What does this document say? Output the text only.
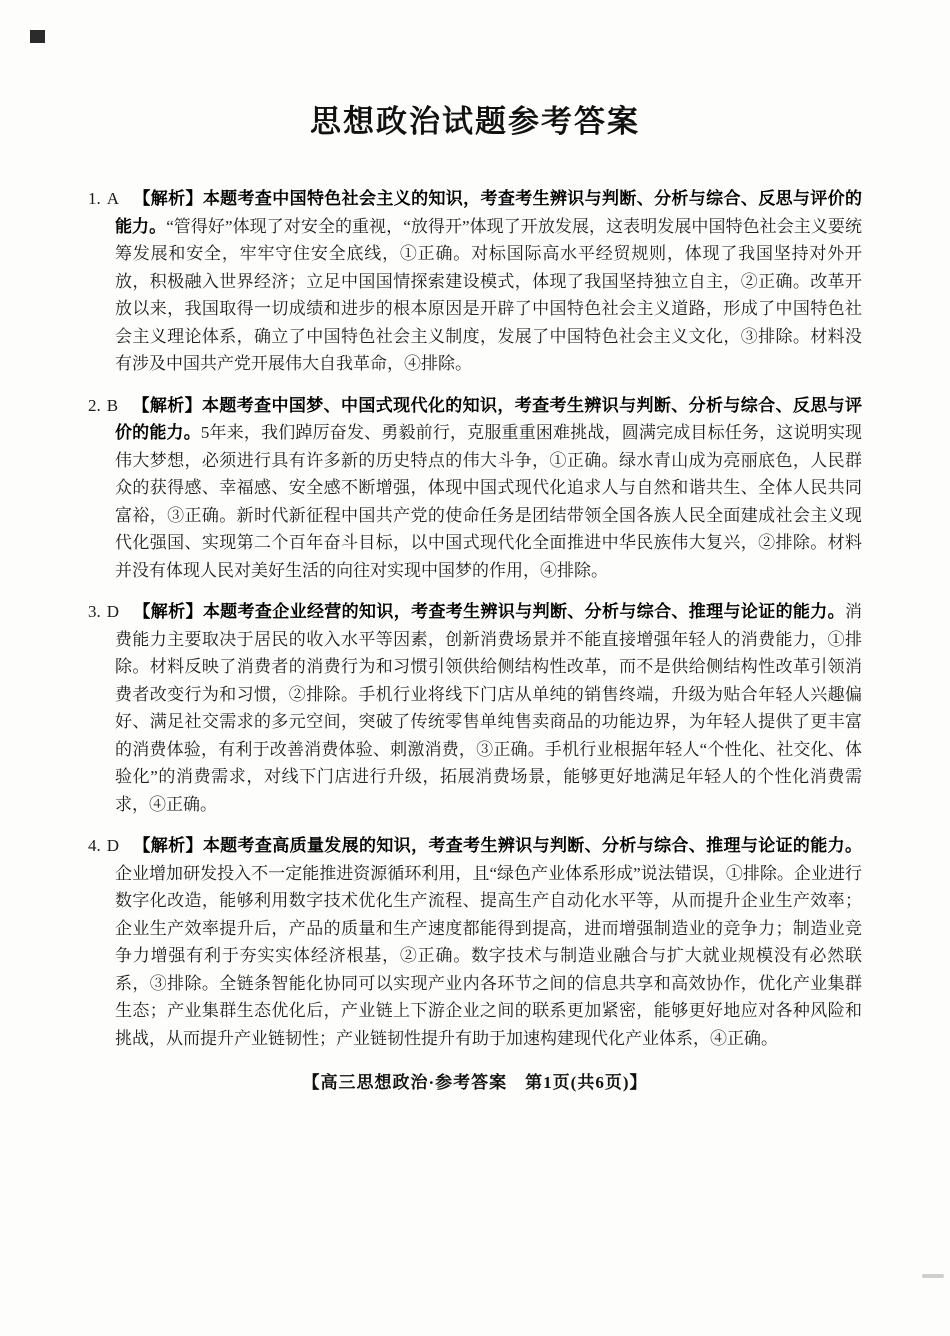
思想政治试题参考答案

1. A 【解析】本题考查中国特色社会主义的知识，考查考生辨识与判断、分析与综合、反思与评价的能力。“管得好”体现了对安全的重视，“放得开”体现了开放发展，这表明发展中国特色社会主义要统筹发展和安全，牢牢守住安全底线，①正确。对标国际高水平经贸规则，体现了我国坚持对外开放，积极融入世界经济；立足中国国情探索建设模式，体现了我国坚持独立自主，②正确。改革开放以来，我国取得一切成绩和进步的根本原因是开辟了中国特色社会主义道路，形成了中国特色社会主义理论体系，确立了中国特色社会主义制度，发展了中国特色社会主义文化，③排除。材料没有涉及中国共产党开展伟大自我革命，④排除。

2. B 【解析】本题考查中国梦、中国式现代化的知识，考查考生辨识与判断、分析与综合、反思与评价的能力。5年来，我们踔厉奋发、勇毅前行，克服重重困难挑战，圆满完成目标任务，这说明实现伟大梦想，必须进行具有许多新的历史特点的伟大斗争，①正确。绿水青山成为亮丽底色，人民群众的获得感、幸福感、安全感不断增强，体现中国式现代化追求人与自然和谐共生、全体人民共同富裕，③正确。新时代新征程中国共产党的使命任务是团结带领全国各族人民全面建成社会主义现代化强国、实现第二个百年奋斗目标，以中国式现代化全面推进中华民族伟大复兴，②排除。材料并没有体现人民对美好生活的向往对实现中国梦的作用，④排除。

3. D 【解析】本题考查企业经营的知识，考查考生辨识与判断、分析与综合、推理与论证的能力。消费能力主要取决于居民的收入水平等因素，创新消费场景并不能直接增强年轻人的消费能力，①排除。材料反映了消费者的消费行为和习惯引领供给侧结构性改革，而不是供给侧结构性改革引领消费者改变行为和习惯，②排除。手机行业将线下门店从单纯的销售终端，升级为贴合年轻人兴趣偏好、满足社交需求的多元空间，突破了传统零售单纯售卖商品的功能边界，为年轻人提供了更丰富的消费体验，有利于改善消费体验、刺激消费，③正确。手机行业根据年轻人“个性化、社交化、体验化”的消费需求，对线下门店进行升级，拓展消费场景，能够更好地满足年轻人的个性化消费需求，④正确。

4. D 【解析】本题考查高质量发展的知识，考查考生辨识与判断、分析与综合、推理与论证的能力。企业增加研发投入不一定能推进资源循环利用，且“绿色产业体系形成”说法错误，①排除。企业进行数字化改造，能够利用数字技术优化生产流程、提高生产自动化水平等，从而提升企业生产效率；企业生产效率提升后，产品的质量和生产速度都能得到提高，进而增强制造业的竞争力；制造业竞争力增强有利于夯实实体经济根基，②正确。数字技术与制造业融合与扩大就业规模没有必然联系，③排除。全链条智能化协同可以实现产业内各环节之间的信息共享和高效协作，优化产业集群生态；产业集群生态优化后，产业链上下游企业之间的联系更加紧密，能够更好地应对各种风险和挑战，从而提升产业链韧性；产业链韧性提升有助于加速构建现代化产业体系，④正确。

【高三思想政治·参考答案　第1页(共6页)】
